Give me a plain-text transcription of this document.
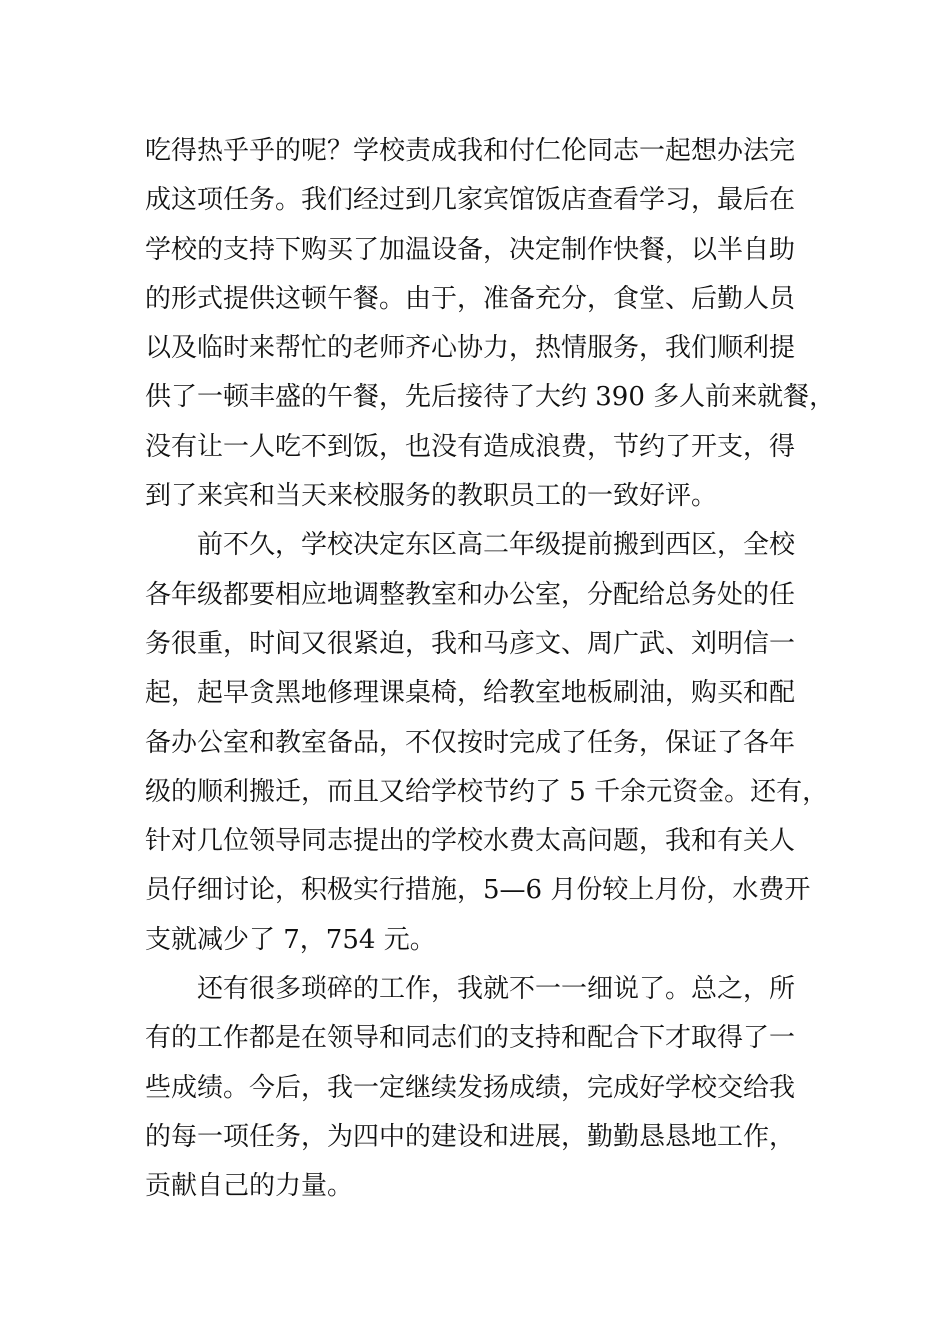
吃得热乎乎的呢？学校责成我和付仁伦同志一起想办法完
成这项任务。我们经过到几家宾馆饭店查看学习，最后在
学校的支持下购买了加温设备，决定制作快餐，以半自助
的形式提供这顿午餐。由于，准备充分，食堂、后勤人员
以及临时来帮忙的老师齐心协力，热情服务，我们顺利提
供了一顿丰盛的午餐，先后接待了大约 390 多人前来就餐，
没有让一人吃不到饭，也没有造成浪费，节约了开支，得
到了来宾和当天来校服务的教职员工的一致好评。
　　前不久，学校决定东区高二年级提前搬到西区，全校
各年级都要相应地调整教室和办公室，分配给总务处的任
务很重，时间又很紧迫，我和马彦文、周广武、刘明信一
起，起早贪黑地修理课桌椅，给教室地板刷油，购买和配
备办公室和教室备品，不仅按时完成了任务，保证了各年
级的顺利搬迁，而且又给学校节约了 5 千余元资金。还有，
针对几位领导同志提出的学校水费太高问题，我和有关人
员仔细讨论，积极实行措施，5—6 月份较上月份，水费开
支就减少了 7，754 元。
　　还有很多琐碎的工作，我就不一一细说了。总之，所
有的工作都是在领导和同志们的支持和配合下才取得了一
些成绩。今后，我一定继续发扬成绩，完成好学校交给我
的每一项任务，为四中的建设和进展，勤勤恳恳地工作，
贡献自己的力量。
